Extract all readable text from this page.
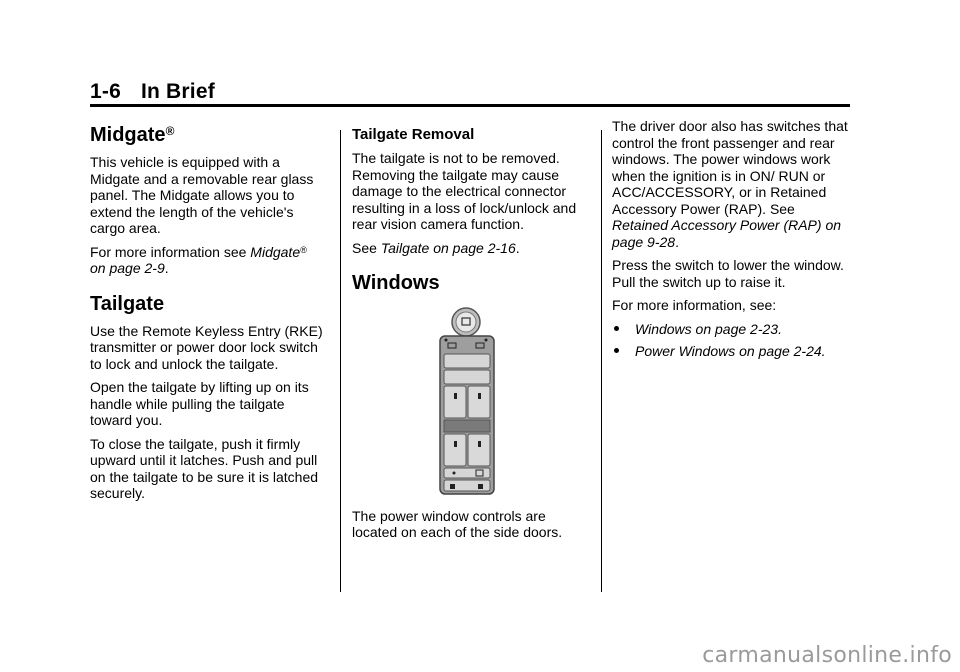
1-6 In Brief
Midgate®

This vehicle is equipped with a Midgate and a removable rear glass panel. The Midgate allows you to extend the length of the vehicle's cargo area.

For more information see Midgate®
on page 2-9.

Tailgate

Use the Remote Keyless Entry (RKE) transmitter or power door lock switch to lock and unlock the tailgate.

Open the tailgate by lifting up on its handle while pulling the tailgate toward you.

To close the tailgate, push it firmly upward until it latches. Push and pull on the tailgate to be sure it is latched securely.

Tailgate Removal

The tailgate is not to be removed. Removing the tailgate may cause damage to the electrical connector resulting in a loss of lock/unlock and rear vision camera function.

See Tailgate on page 2-16.

Windows

The power window controls are located on each of the side doors.

The driver door also has switches that control the front passenger and rear windows. The power windows work when the ignition is in ON/ RUN or ACC/ACCESSORY, or in Retained Accessory Power (RAP). See Retained Accessory Power (RAP) on page 9-28.

Press the switch to lower the window. Pull the switch up to raise it.

For more information, see:

Windows on page 2-23.
Power Windows on page 2-24.
carmanualsonline.info
